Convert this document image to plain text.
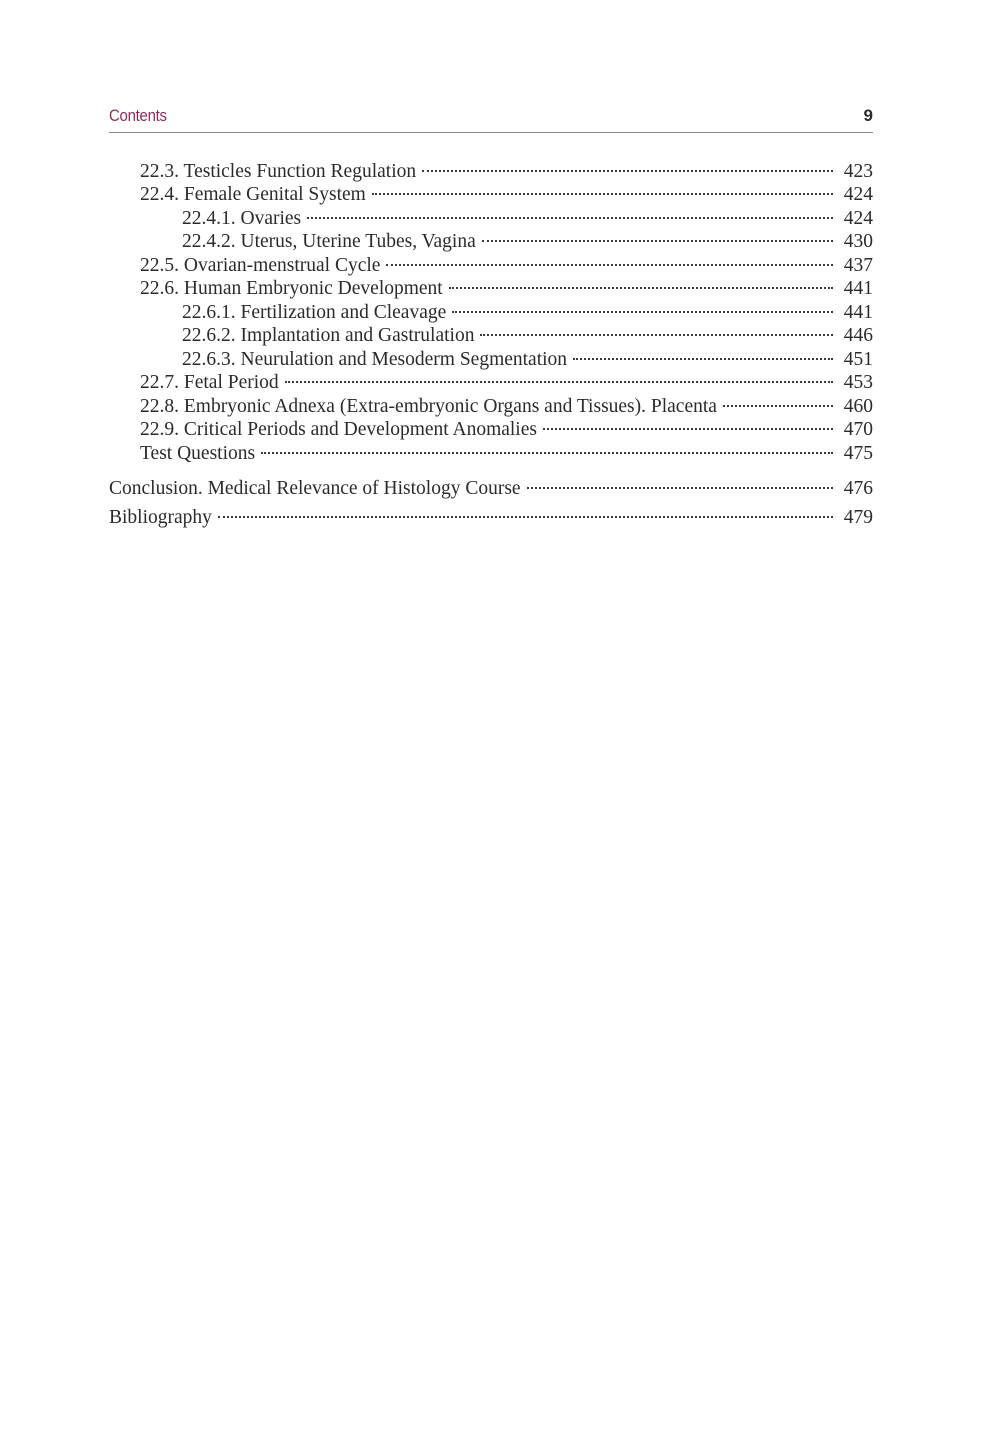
Contents	9
22.3. Testicles Function Regulation	423
22.4. Female Genital System	424
22.4.1. Ovaries	424
22.4.2. Uterus, Uterine Tubes, Vagina	430
22.5. Ovarian-menstrual Cycle	437
22.6. Human Embryonic Development	441
22.6.1. Fertilization and Cleavage	441
22.6.2. Implantation and Gastrulation	446
22.6.3. Neurulation and Mesoderm Segmentation	451
22.7. Fetal Period	453
22.8. Embryonic Adnexa (Extra-embryonic Organs and Tissues). Placenta	460
22.9. Critical Periods and Development Anomalies	470
Test Questions	475
Conclusion. Medical Relevance of Histology Course	476
Bibliography	479
